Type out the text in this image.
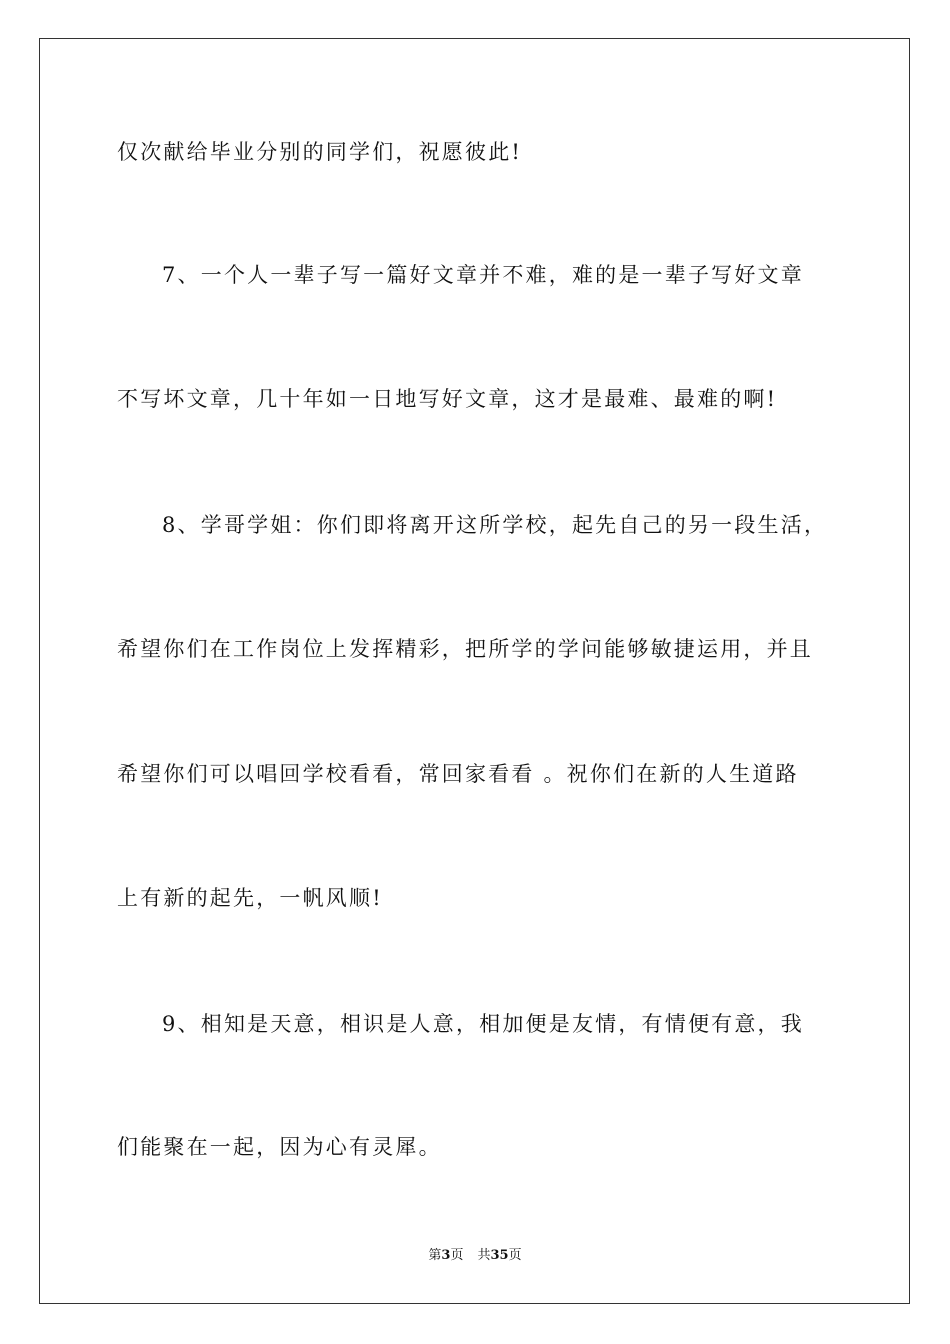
仅次献给毕业分别的同学们，祝愿彼此!
7、一个人一辈子写一篇好文章并不难，难的是一辈子写好文章
不写坏文章，几十年如一日地写好文章，这才是最难、最难的啊!
8、学哥学姐：你们即将离开这所学校，起先自己的另一段生活，
希望你们在工作岗位上发挥精彩，把所学的学问能够敏捷运用，并且
希望你们可以唱回学校看看，常回家看看 。祝你们在新的人生道路
上有新的起先，一帆风顺!
9、相知是天意，相识是人意，相加便是友情，有情便有意，我
们能聚在一起，因为心有灵犀。
第3页 共35页
